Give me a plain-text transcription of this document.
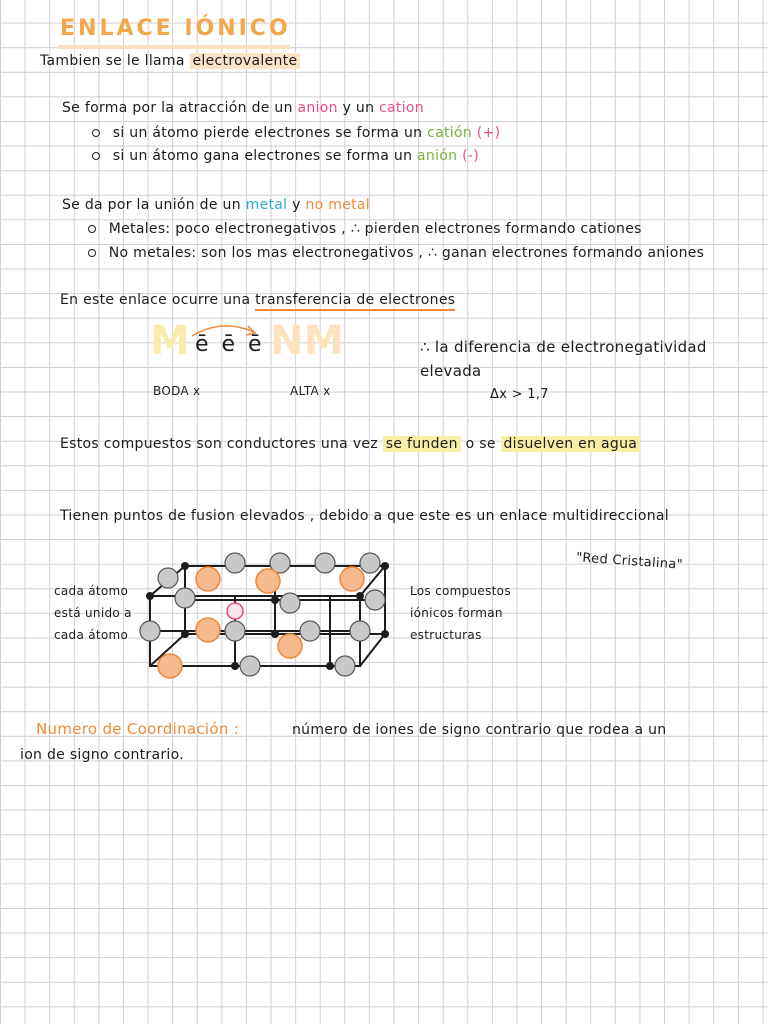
ENLACE IÓNICO
Tambien se le llama electrovalente
Se forma por la atracción de un anion y un cation
si un átomo pierde electrones se forma un catión (+)
si un átomo gana electrones se forma un anión (-)
Se da por la unión de un metal y no metal
Metales: poco electronegativos , ∴ pierden electrones formando cationes
No metales: son los mas electronegativos , ∴ ganan electrones formando aniones
En este enlace ocurre una transferencia de electrones
M ē ē ē NM
BODA x	ALTA x
∴ la diferencia de electronegatividad
elevada
Δx > 1,7
Estos compuestos son conductores una vez se funden o se disuelven en agua
Tienen puntos de fusion elevados , debido a que este es un enlace multidireccional
"Red Cristalina"
cada átomo
está unido a
cada átomo
Los compuestos
iónicos forman
estructuras
Numero de Coordinación :	número de iones de signo contrario que rodea a un
ion de signo contrario.
